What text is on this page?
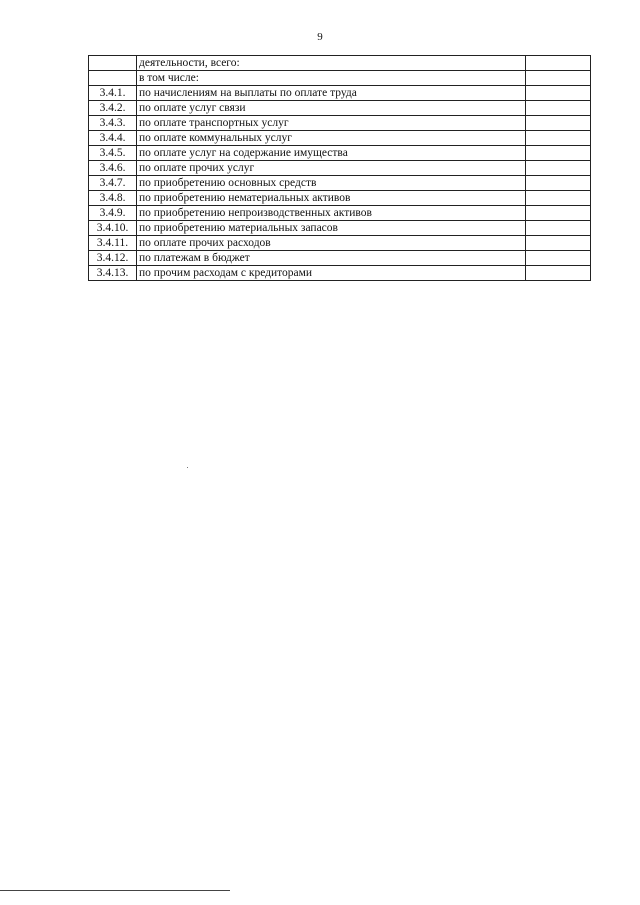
9
	деятельности, всего:	
	в том числе:	
3.4.1.	по начислениям на выплаты по оплате труда	
3.4.2.	по оплате услуг связи	
3.4.3.	по оплате транспортных услуг	
3.4.4.	по оплате коммунальных услуг	
3.4.5.	по оплате услуг на содержание имущества	
3.4.6.	по оплате прочих услуг	
3.4.7.	по приобретению основных средств	
3.4.8.	по приобретению нематериальных активов	
3.4.9.	по приобретению непроизводственных активов	
3.4.10.	по приобретению материальных запасов	
3.4.11.	по оплате прочих расходов	
3.4.12.	по платежам в бюджет	
3.4.13.	по прочим расходам с кредиторами	
